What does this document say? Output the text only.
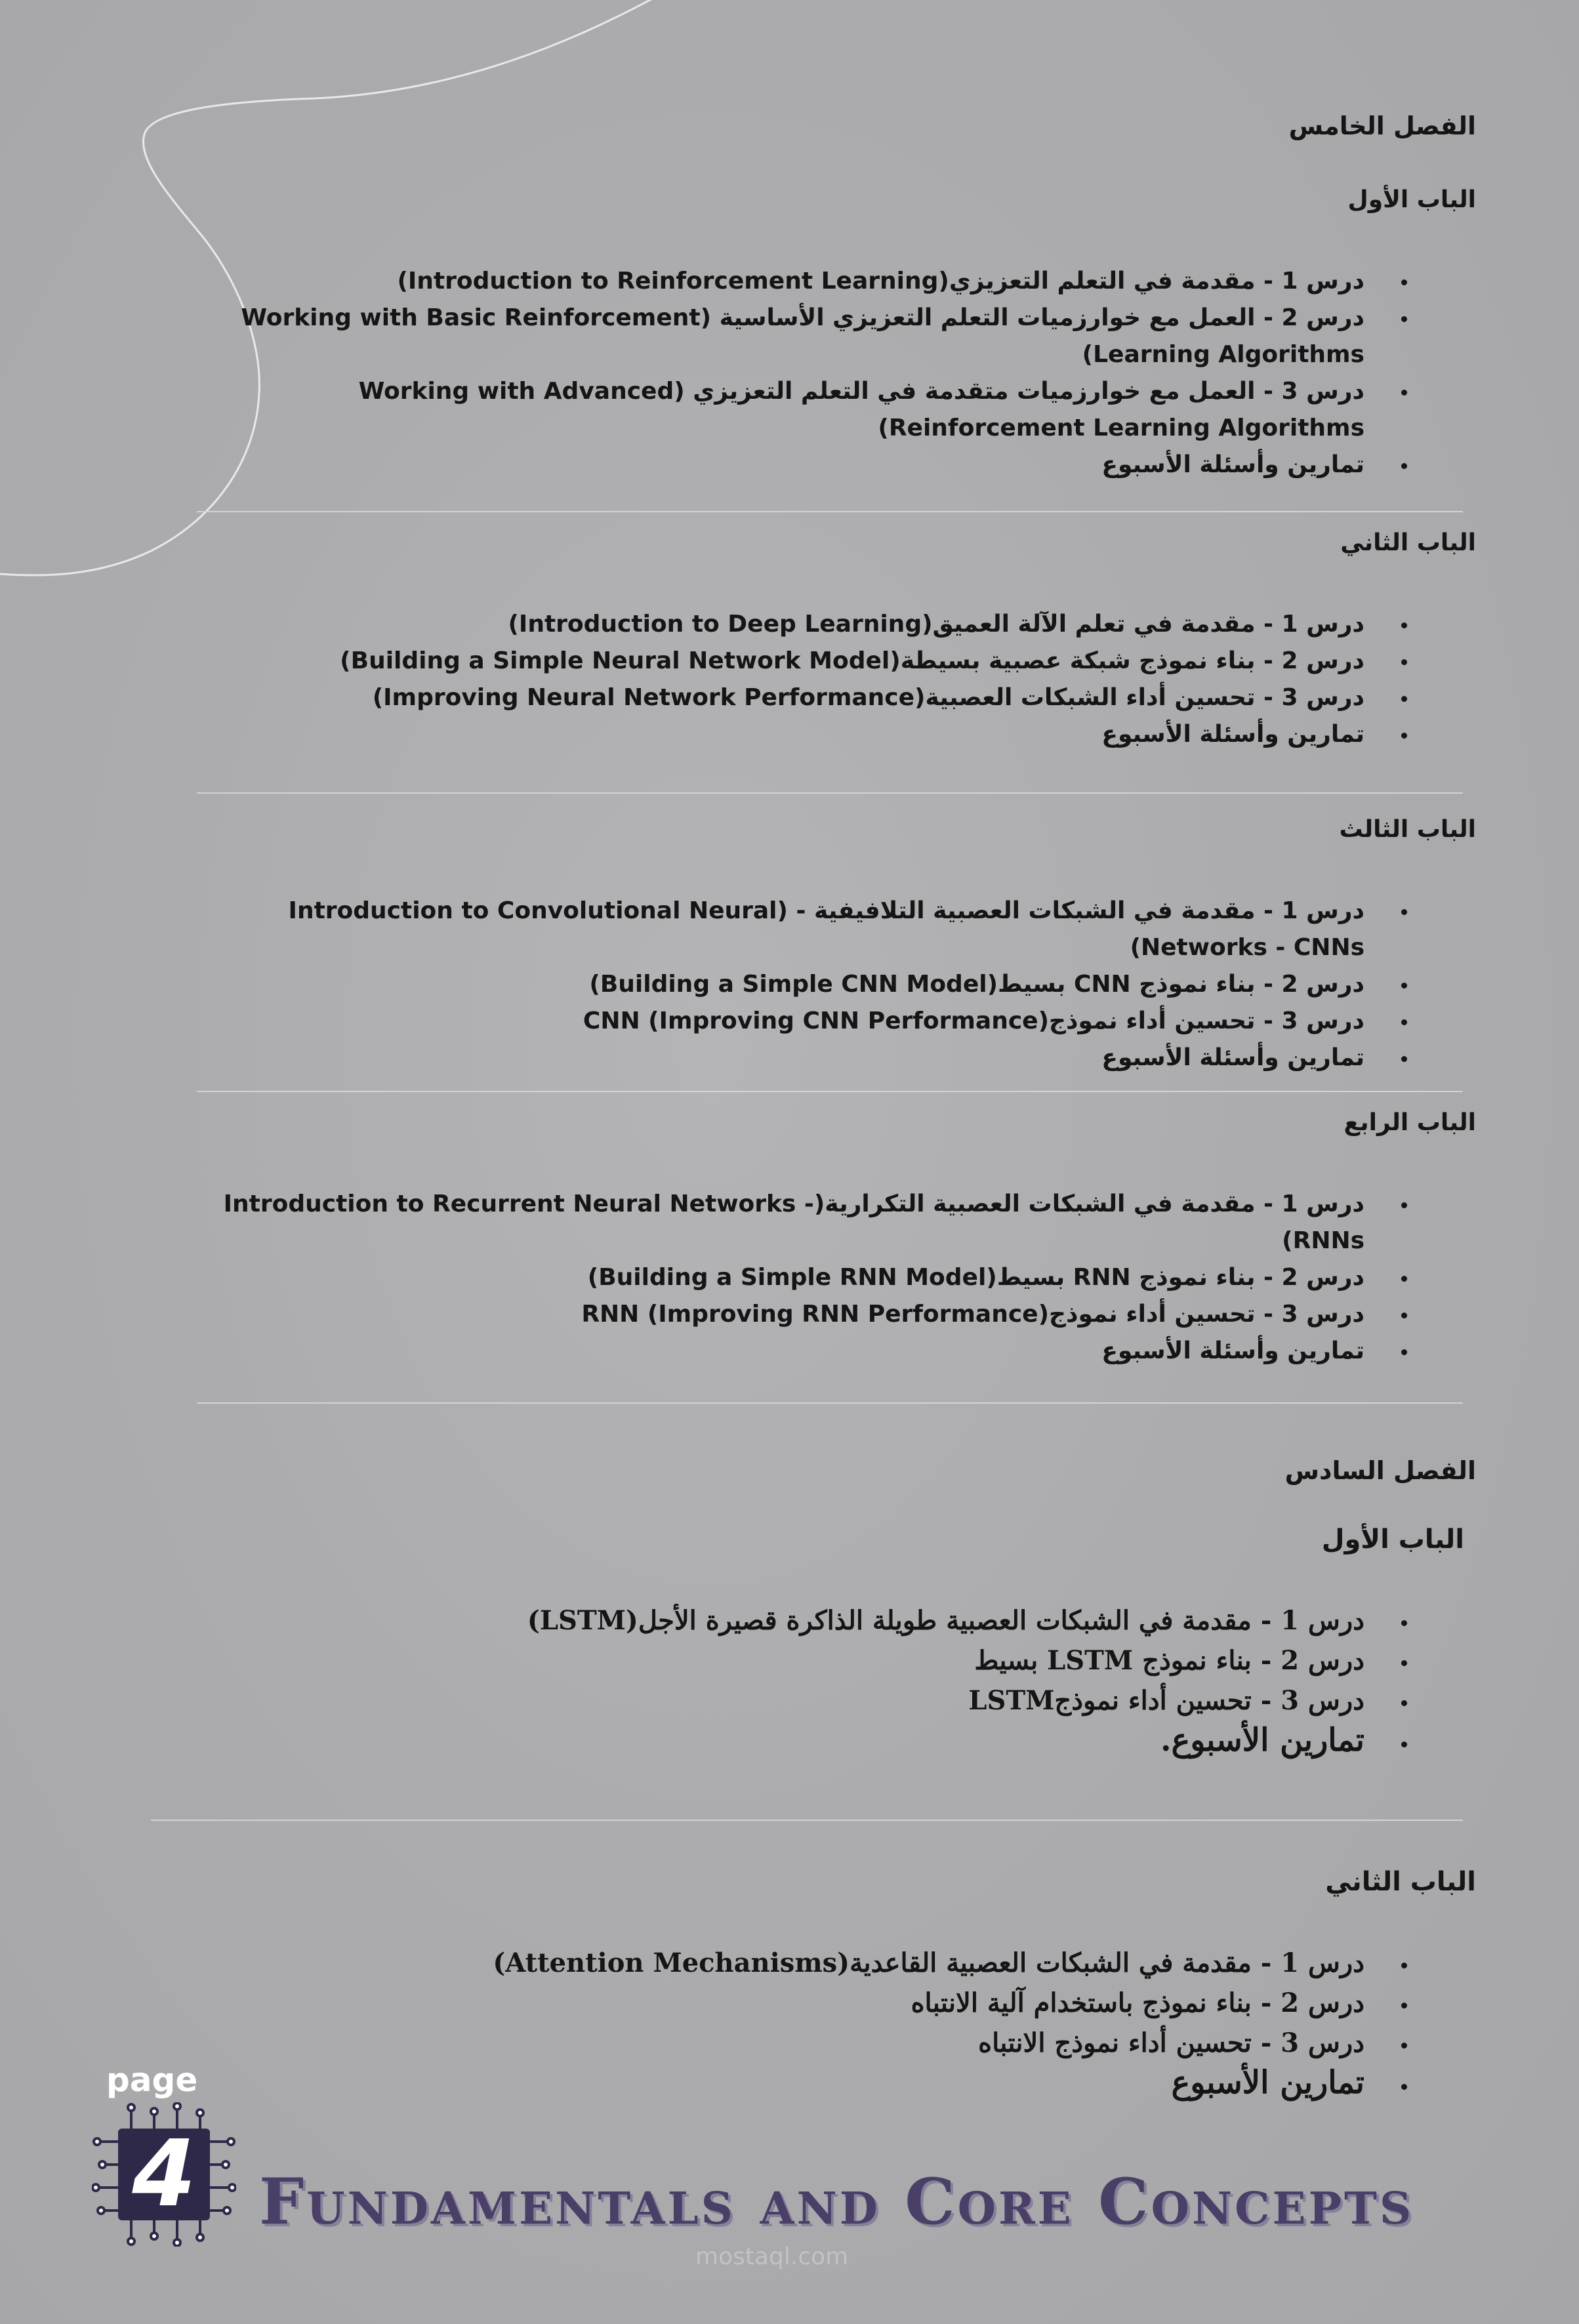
الفصل الخامس
الباب الأول
• درس 1 - مقدمة في التعلم التعزيزي(Introduction to Reinforcement Learning)
• درس 2 - العمل مع خوارزميات التعلم التعزيزي الأساسية (Working with Basic Reinforcement Learning Algorithms)
• درس 3 - العمل مع خوارزميات متقدمة في التعلم التعزيزي (Working with Advanced Reinforcement Learning Algorithms)
• تمارين وأسئلة الأسبوع
الباب الثاني
• درس 1 - مقدمة في تعلم الآلة العميق(Introduction to Deep Learning)
• درس 2 - بناء نموذج شبكة عصبية بسيطة(Building a Simple Neural Network Model)
• درس 3 - تحسين أداء الشبكات العصبية(Improving Neural Network Performance)
• تمارين وأسئلة الأسبوع
الباب الثالث
• درس 1 - مقدمة في الشبكات العصبية التلافيفية - (Introduction to Convolutional Neural Networks - CNNs)
• درس 2 - بناء نموذج CNN بسيط(Building a Simple CNN Model)
• درس 3 - تحسين أداء نموذج(CNN (Improving CNN Performance
• تمارين وأسئلة الأسبوع
الباب الرابع
• درس 1 - مقدمة في الشبكات العصبية التكرارية(Introduction to Recurrent Neural Networks - RNNs)
• درس 2 - بناء نموذج RNN بسيط(Building a Simple RNN Model)
• درس 3 - تحسين أداء نموذج(RNN (Improving RNN Performance
• تمارين وأسئلة الأسبوع
الفصل السادس
الباب الأول
• درس 1 - مقدمة في الشبكات العصبية طويلة الذاكرة قصيرة الأجل(LSTM)
• درس 2 - بناء نموذج LSTM بسيط
• درس 3 - تحسين أداء نموذجLSTM
• تمارين الأسبوع.
الباب الثاني
• درس 1 - مقدمة في الشبكات العصبية القاعدية(Attention Mechanisms)
• درس 2 - بناء نموذج باستخدام آلية الانتباه
• درس 3 - تحسين أداء نموذج الانتباه
• تمارين الأسبوع
page
4 Fundamentals and Core Concepts
mostaql.com
